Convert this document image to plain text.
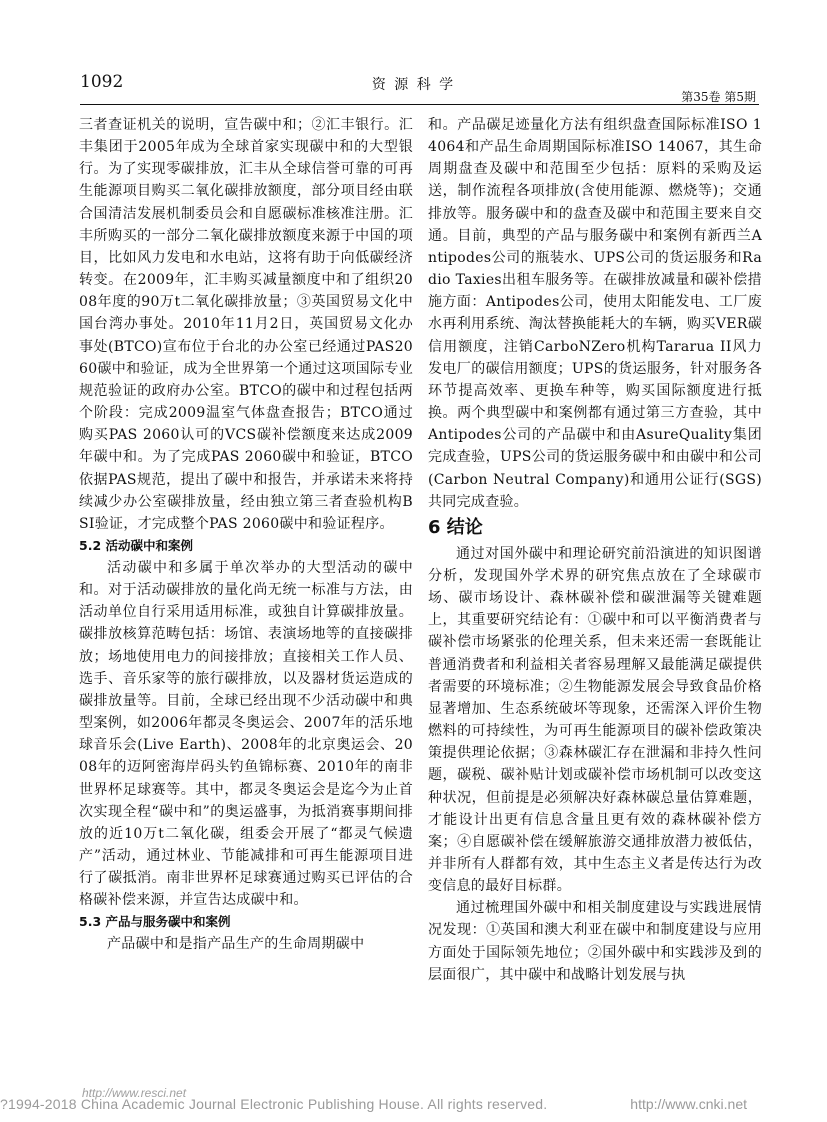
1092	资 源 科 学
第35卷 第5期

三者查证机关的说明，宣告碳中和；②汇丰银行。汇丰集团于2005年成为全球首家实现碳中和的大型银行。为了实现零碳排放，汇丰从全球信誉可靠的可再生能源项目购买二氧化碳排放额度，部分项目经由联合国清洁发展机制委员会和自愿碳标准核准注册。汇丰所购买的一部分二氧化碳排放额度来源于中国的项目，比如风力发电和水电站，这将有助于向低碳经济转变。在2009年，汇丰购买减量额度中和了组织2008年度的90万t二氧化碳排放量；③英国贸易文化中国台湾办事处。2010年11月2日，英国贸易文化办事处(BTCO)宣布位于台北的办公室已经通过PAS2060碳中和验证，成为全世界第一个通过这项国际专业规范验证的政府办公室。BTCO的碳中和过程包括两个阶段：完成2009温室气体盘查报告；BTCO通过购买PAS 2060认可的VCS碳补偿额度来达成2009年碳中和。为了完成PAS 2060碳中和验证，BTCO依据PAS规范，提出了碳中和报告，并承诺未来将持续减少办公室碳排放量，经由独立第三者查验机构BSI验证，才完成整个PAS 2060碳中和验证程序。

5.2 活动碳中和案例

活动碳中和多属于单次举办的大型活动的碳中和。对于活动碳排放的量化尚无统一标准与方法，由活动单位自行采用适用标准，或独自计算碳排放量。碳排放核算范畴包括：场馆、表演场地等的直接碳排放；场地使用电力的间接排放；直接相关工作人员、选手、音乐家等的旅行碳排放，以及器材货运造成的碳排放量等。目前，全球已经出现不少活动碳中和典型案例，如2006年都灵冬奥运会、2007年的活乐地球音乐会(Live Earth)、2008年的北京奥运会、2008年的迈阿密海岸码头钓鱼锦标赛、2010年的南非世界杯足球赛等。其中，都灵冬奥运会是迄今为止首次实现全程“碳中和”的奥运盛事，为抵消赛事期间排放的近10万t二氧化碳，组委会开展了“都灵气候遗产”活动，通过林业、节能减排和可再生能源项目进行了碳抵消。南非世界杯足球赛通过购买已评估的合格碳补偿来源，并宣告达成碳中和。

5.3 产品与服务碳中和案例

产品碳中和是指产品生产的生命周期碳中

和。产品碳足迹量化方法有组织盘查国际标准ISO 14064和产品生命周期国际标准ISO 14067，其生命周期盘查及碳中和范围至少包括：原料的采购及运送，制作流程各项排放(含使用能源、燃烧等)；交通排放等。服务碳中和的盘查及碳中和范围主要来自交通。目前，典型的产品与服务碳中和案例有新西兰Antipodes公司的瓶装水、UPS公司的货运服务和Radio Taxies出租车服务等。在碳排放减量和碳补偿措施方面：Antipodes公司，使用太阳能发电、工厂废水再利用系统、淘汰替换能耗大的车辆，购买VER碳信用额度，注销CarboNZero机构Tararua II风力发电厂的碳信用额度；UPS的货运服务，针对服务各环节提高效率、更换车种等，购买国际额度进行抵换。两个典型碳中和案例都有通过第三方查验，其中Antipodes公司的产品碳中和由AsureQuality集团完成查验，UPS公司的货运服务碳中和由碳中和公司(Carbon Neutral Company)和通用公证行(SGS)共同完成查验。

6 结论

通过对国外碳中和理论研究前沿演进的知识图谱分析，发现国外学术界的研究焦点放在了全球碳市场、碳市场设计、森林碳补偿和碳泄漏等关键难题上，其重要研究结论有：①碳中和可以平衡消费者与碳补偿市场紧张的伦理关系，但未来还需一套既能让普通消费者和利益相关者容易理解又最能满足碳提供者需要的环境标准；②生物能源发展会导致食品价格显著增加、生态系统破坏等现象，还需深入评价生物燃料的可持续性，为可再生能源项目的碳补偿政策决策提供理论依据；③森林碳汇存在泄漏和非持久性问题，碳税、碳补贴计划或碳补偿市场机制可以改变这种状况，但前提是必须解决好森林碳总量估算难题，才能设计出更有信息含量且更有效的森林碳补偿方案；④自愿碳补偿在缓解旅游交通排放潜力被低估，并非所有人群都有效，其中生态主义者是传达行为改变信息的最好目标群。

通过梳理国外碳中和相关制度建设与实践进展情况发现：①英国和澳大利亚在碳中和制度建设与应用方面处于国际领先地位；②国外碳中和实践涉及到的层面很广，其中碳中和战略计划发展与执

http://www.resci.net
?1994-2018 China Academic Journal Electronic Publishing House. All rights reserved.	http://www.cnki.net
